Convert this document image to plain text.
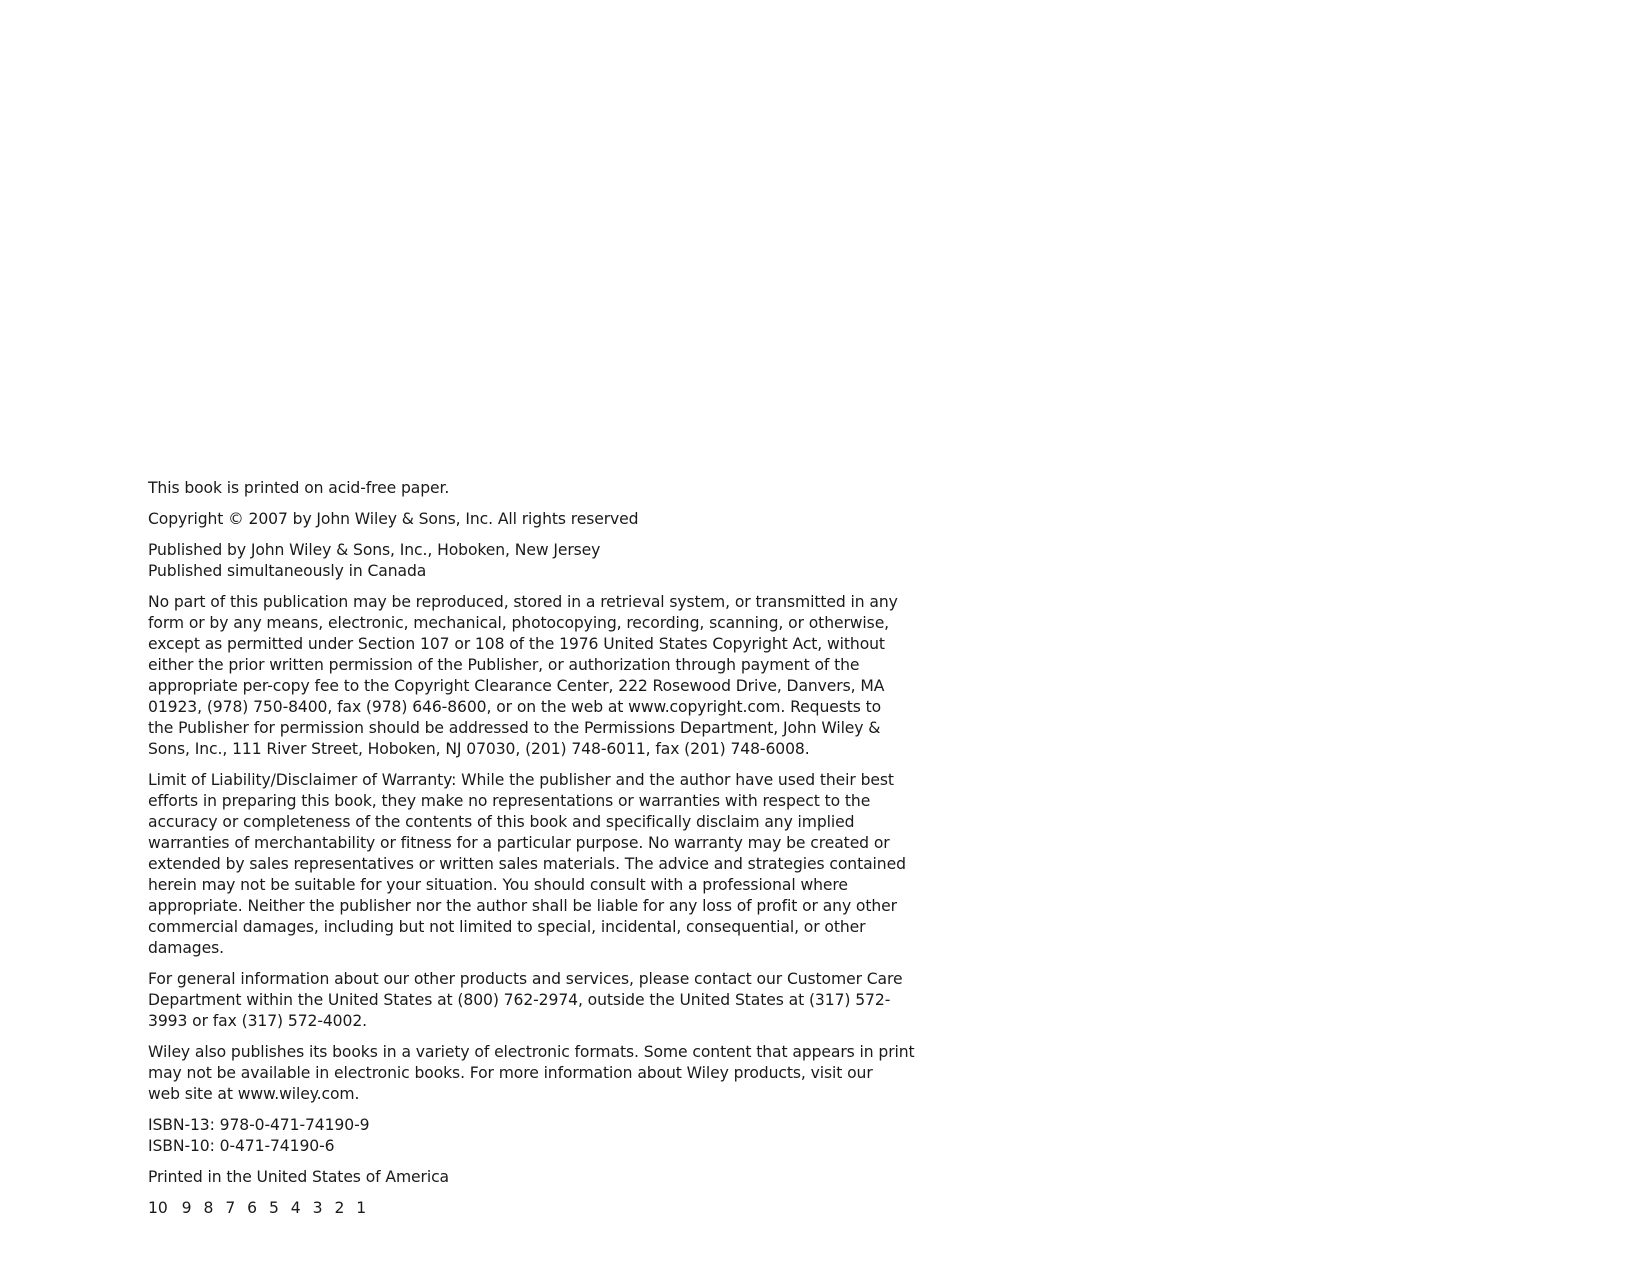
This book is printed on acid-free paper.

Copyright © 2007 by John Wiley & Sons, Inc. All rights reserved

Published by John Wiley & Sons, Inc., Hoboken, New Jersey
Published simultaneously in Canada

No part of this publication may be reproduced, stored in a retrieval system, or transmitted in any
form or by any means, electronic, mechanical, photocopying, recording, scanning, or otherwise,
except as permitted under Section 107 or 108 of the 1976 United States Copyright Act, without
either the prior written permission of the Publisher, or authorization through payment of the
appropriate per-copy fee to the Copyright Clearance Center, 222 Rosewood Drive, Danvers, MA
01923, (978) 750-8400, fax (978) 646-8600, or on the web at www.copyright.com. Requests to
the Publisher for permission should be addressed to the Permissions Department, John Wiley &
Sons, Inc., 111 River Street, Hoboken, NJ 07030, (201) 748-6011, fax (201) 748-6008.

Limit of Liability/Disclaimer of Warranty: While the publisher and the author have used their best
efforts in preparing this book, they make no representations or warranties with respect to the
accuracy or completeness of the contents of this book and specifically disclaim any implied
warranties of merchantability or fitness for a particular purpose. No warranty may be created or
extended by sales representatives or written sales materials. The advice and strategies contained
herein may not be suitable for your situation. You should consult with a professional where
appropriate. Neither the publisher nor the author shall be liable for any loss of profit or any other
commercial damages, including but not limited to special, incidental, consequential, or other
damages.

For general information about our other products and services, please contact our Customer Care
Department within the United States at (800) 762-2974, outside the United States at (317) 572-
3993 or fax (317) 572-4002.

Wiley also publishes its books in a variety of electronic formats. Some content that appears in print
may not be available in electronic books. For more information about Wiley products, visit our
web site at www.wiley.com.

ISBN-13: 978-0-471-74190-9
ISBN-10: 0-471-74190-6

Printed in the United States of America

10 9 8 7 6 5 4 3 2 1
